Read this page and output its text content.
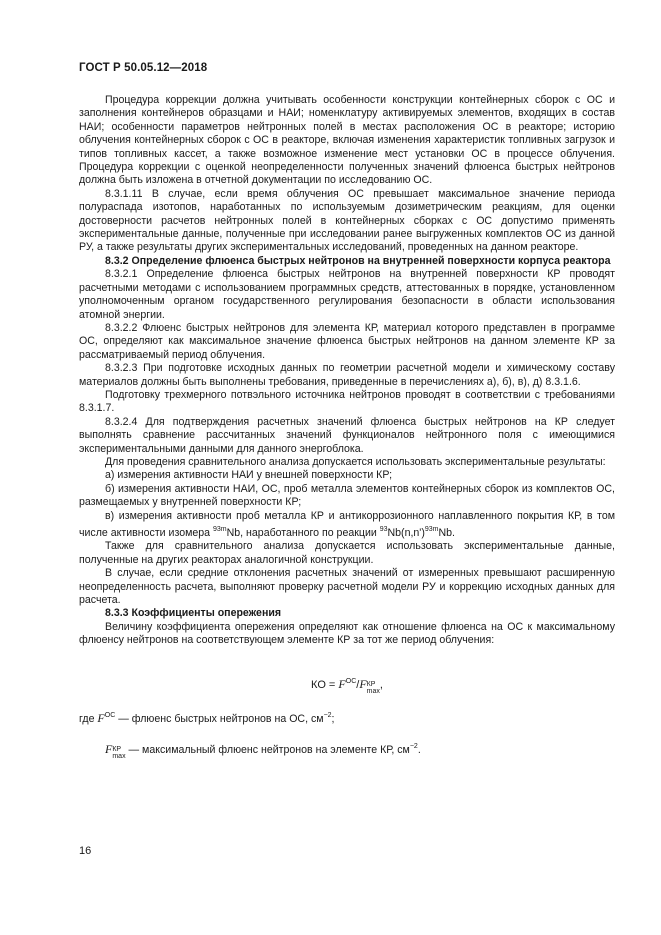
ГОСТ Р 50.05.12—2018

Процедура коррекции должна учитывать особенности конструкции контейнерных сборок с ОС и заполнения контейнеров образцами и НАИ; номенклатуру активируемых элементов, входящих в состав НАИ; особенности параметров нейтронных полей в местах расположения ОС в реакторе; историю облучения контейнерных сборок с ОС в реакторе, включая изменения характеристик топливных загрузок и типов топливных кассет, а также возможное изменение мест установки ОС в процессе облучения. Процедура коррекции с оценкой неопределенности полученных значений флюенса быстрых нейтронов должна быть изложена в отчетной документации по исследованию ОС.

8.3.1.11 В случае, если время облучения ОС превышает максимальное значение периода полураспада изотопов, наработанных по используемым дозиметрическим реакциям, для оценки достоверности расчетов нейтронных полей в контейнерных сборках с ОС допустимо применять экспериментальные данные, полученные при исследовании ранее выгруженных комплектов ОС из данной РУ, а также результаты других экспериментальных исследований, проведенных на данном реакторе.

8.3.2 Определение флюенса быстрых нейтронов на внутренней поверхности корпуса реактора

8.3.2.1 Определение флюенса быстрых нейтронов на внутренней поверхности КР проводят расчетными методами с использованием программных средств, аттестованных в порядке, установленном уполномоченным органом государственного регулирования безопасности в области использования атомной энергии.

8.3.2.2 Флюенс быстрых нейтронов для элемента КР, материал которого представлен в программе ОС, определяют как максимальное значение флюенса быстрых нейтронов на данном элементе КР за рассматриваемый период облучения.

8.3.2.3 При подготовке исходных данных по геометрии расчетной модели и химическому составу материалов должны быть выполнены требования, приведенные в перечислениях а), б), в), д) 8.3.1.6.

Подготовку трехмерного потвэльного источника нейтронов проводят в соответствии с требованиями 8.3.1.7.

8.3.2.4 Для подтверждения расчетных значений флюенса быстрых нейтронов на КР следует выполнять сравнение рассчитанных значений функционалов нейтронного поля с имеющимися экспериментальными данными для данного энергоблока.

Для проведения сравнительного анализа допускается использовать экспериментальные результаты:

а) измерения активности НАИ у внешней поверхности КР;

б) измерения активности НАИ, ОС, проб металла элементов контейнерных сборок из комплектов ОС, размещаемых у внутренней поверхности КР;

в) измерения активности проб металла КР и антикоррозионного наплавленного покрытия КР, в том числе активности изомера $^{93m}$Nb, наработанного по реакции $^{93}Nb(n,n')^{93m}Nb$.

Также для сравнительного анализа допускается использовать экспериментальные данные, полученные на других реакторах аналогичной конструкции.

В случае, если средние отклонения расчетных значений от измеренных превышают расширенную неопределенность расчета, выполняют проверку расчетной модели РУ и коррекцию исходных данных для расчета.

8.3.3 Коэффициенты опережения

Величину коэффициента опережения определяют как отношение флюенса на ОС к максимальному флюенсу нейтронов на соответствующем элементе КР за тот же период облучения:

КО = $F^{ОС}/F$ КР
max
,
где $F^{ОС}$ — флюенс быстрых нейтронов на ОС, $см^{-2}$;
F КР
max
— максимальный флюенс нейтронов на элементе КР, $см^{-2}$.
16
